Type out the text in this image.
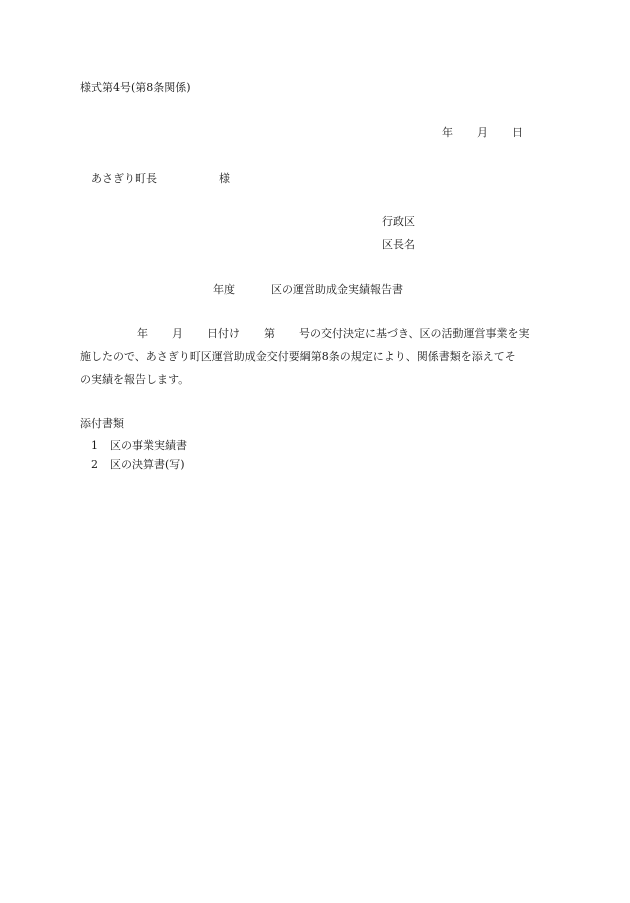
様式第4号(第8条関係)
年 月 日
あさぎり町長	様
行政区
区長名
年度	区の運営助成金実績報告書
年 月 日付け 第 号の交付決定に基づき、区の活動運営事業を実
施したので、あさぎり町区運営助成金交付要綱第8条の規定により、関係書類を添えてそ
の実績を報告します。
添付書類
1 区の事業実績書
2 区の決算書(写)
